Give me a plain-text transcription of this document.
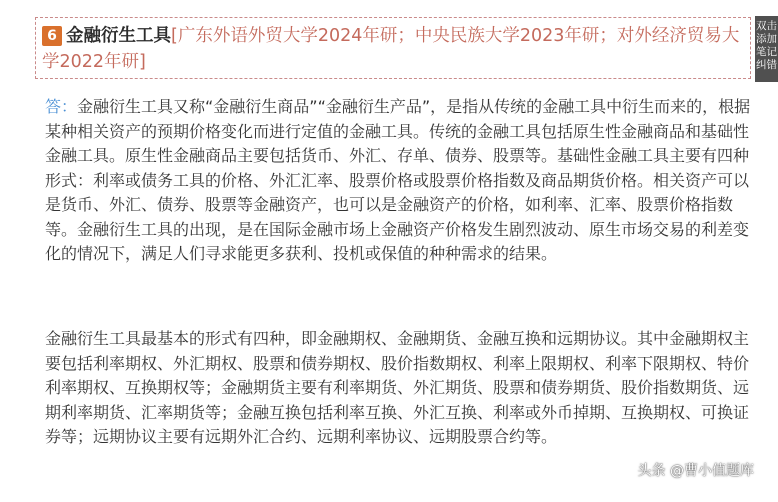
6 金融衍生工具[广东外语外贸大学2024年研；中央民族大学2023年研；对外经济贸易大学2022年研]
双击
添加
笔记
纠错

答：金融衍生工具又称“金融衍生商品”“金融衍生产品”，是指从传统的金融工具中衍生而来的，根据某种相关资产的预期价格变化而进行定值的金融工具。传统的金融工具包括原生性金融商品和基础性金融工具。原生性金融商品主要包括货币、外汇、存单、债券、股票等。基础性金融工具主要有四种形式：利率或债务工具的价格、外汇汇率、股票价格或股票价格指数及商品期货价格。相关资产可以是货币、外汇、债券、股票等金融资产，也可以是金融资产的价格，如利率、汇率、股票价格指数等。金融衍生工具的出现，是在国际金融市场上金融资产价格发生剧烈波动、原生市场交易的利差变化的情况下，满足人们寻求能更多获利、投机或保值的种种需求的结果。

金融衍生工具最基本的形式有四种，即金融期权、金融期货、金融互换和远期协议。其中金融期权主要包括利率期权、外汇期权、股票和债券期权、股价指数期权、利率上限期权、利率下限期权、特价利率期权、互换期权等；金融期货主要有利率期货、外汇期货、股票和债券期货、股价指数期货、远期利率期货、汇率期货等；金融互换包括利率互换、外汇互换、利率或外币掉期、互换期权、可换证券等；远期协议主要有远期外汇合约、远期利率协议、远期股票合约等。

头条 @曹小值题库
